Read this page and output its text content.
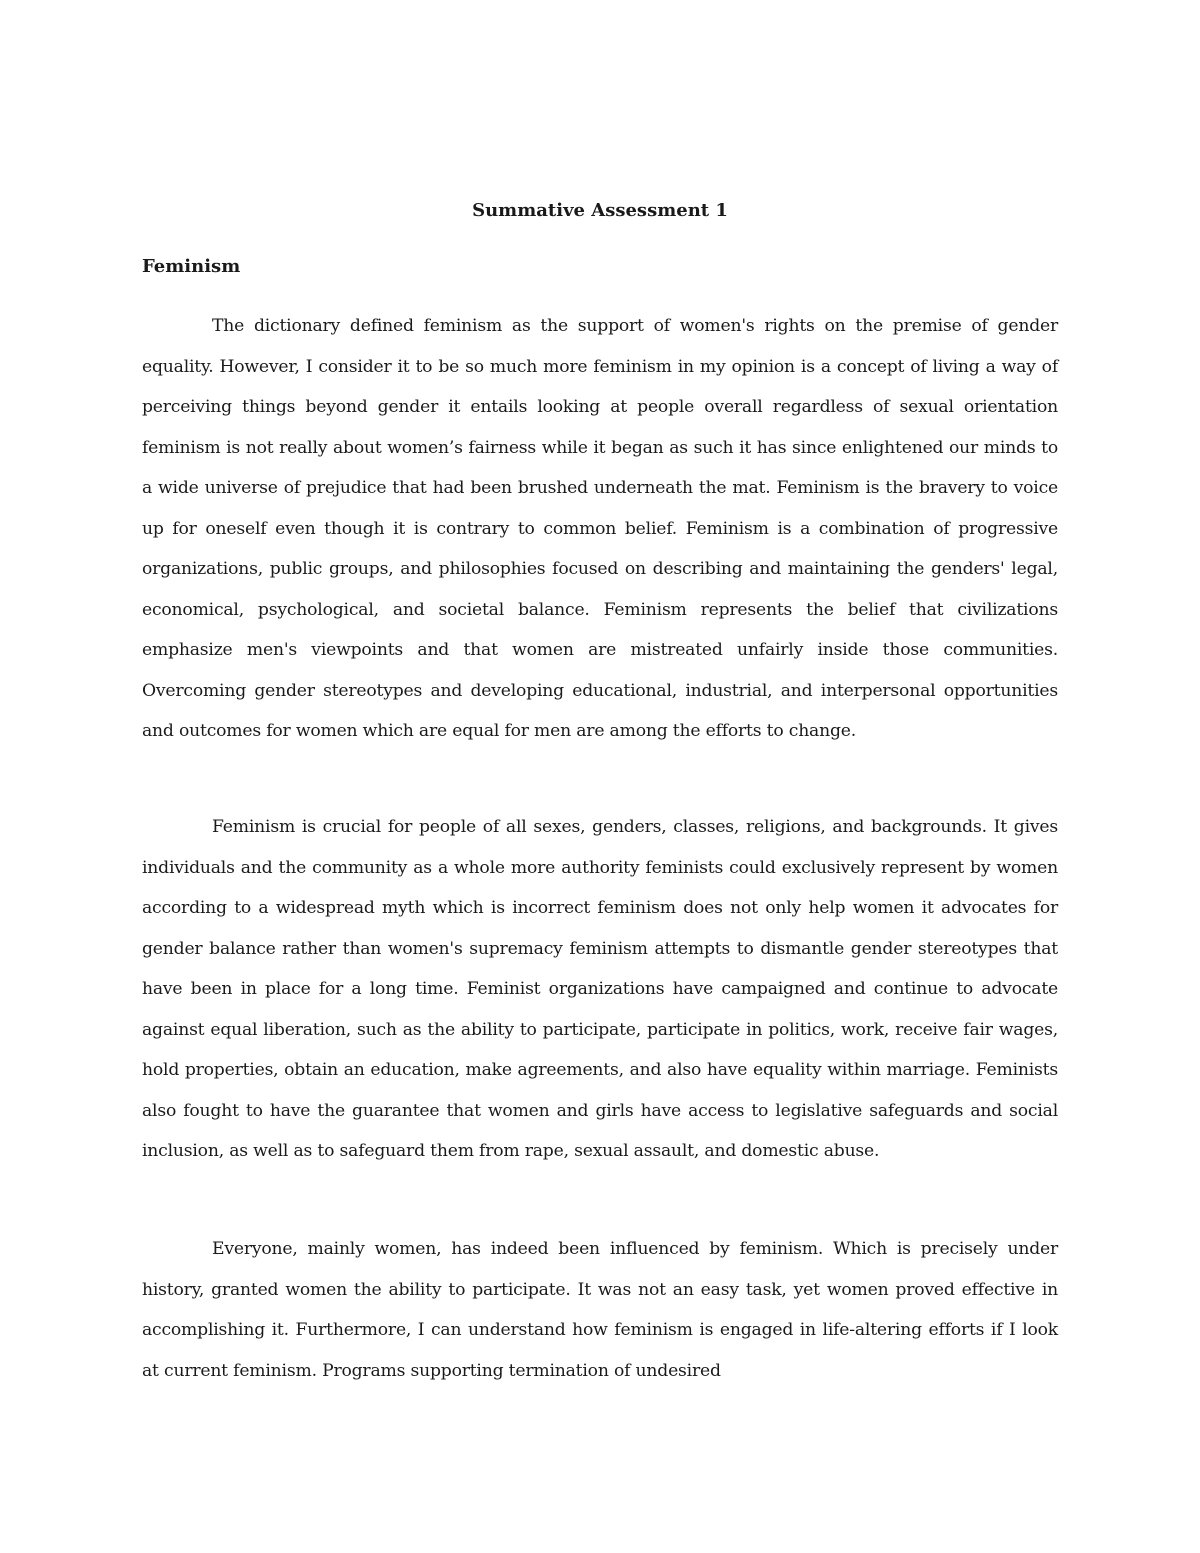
Summative Assessment 1
Feminism

The dictionary defined feminism as the support of women's rights on the premise of gender equality. However, I consider it to be so much more feminism in my opinion is a concept of living a way of perceiving things beyond gender it entails looking at people overall regardless of sexual orientation feminism is not really about women’s fairness while it began as such it has since enlightened our minds to a wide universe of prejudice that had been brushed underneath the mat. Feminism is the bravery to voice up for oneself even though it is contrary to common belief. Feminism is a combination of progressive organizations, public groups, and philosophies focused on describing and maintaining the genders' legal, economical, psychological, and societal balance. Feminism represents the belief that civilizations emphasize men's viewpoints and that women are mistreated unfairly inside those communities. Overcoming gender stereotypes and developing educational, industrial, and interpersonal opportunities and outcomes for women which are equal for men are among the efforts to change.

Feminism is crucial for people of all sexes, genders, classes, religions, and backgrounds. It gives individuals and the community as a whole more authority feminists could exclusively represent by women according to a widespread myth which is incorrect feminism does not only help women it advocates for gender balance rather than women's supremacy feminism attempts to dismantle gender stereotypes that have been in place for a long time. Feminist organizations have campaigned and continue to advocate against equal liberation, such as the ability to participate, participate in politics, work, receive fair wages, hold properties, obtain an education, make agreements, and also have equality within marriage. Feminists also fought to have the guarantee that women and girls have access to legislative safeguards and social inclusion, as well as to safeguard them from rape, sexual assault, and domestic abuse.

Everyone, mainly women, has indeed been influenced by feminism. Which is precisely under history, granted women the ability to participate. It was not an easy task, yet women proved effective in accomplishing it. Furthermore, I can understand how feminism is engaged in life-altering efforts if I look at current feminism. Programs supporting termination of undesired
